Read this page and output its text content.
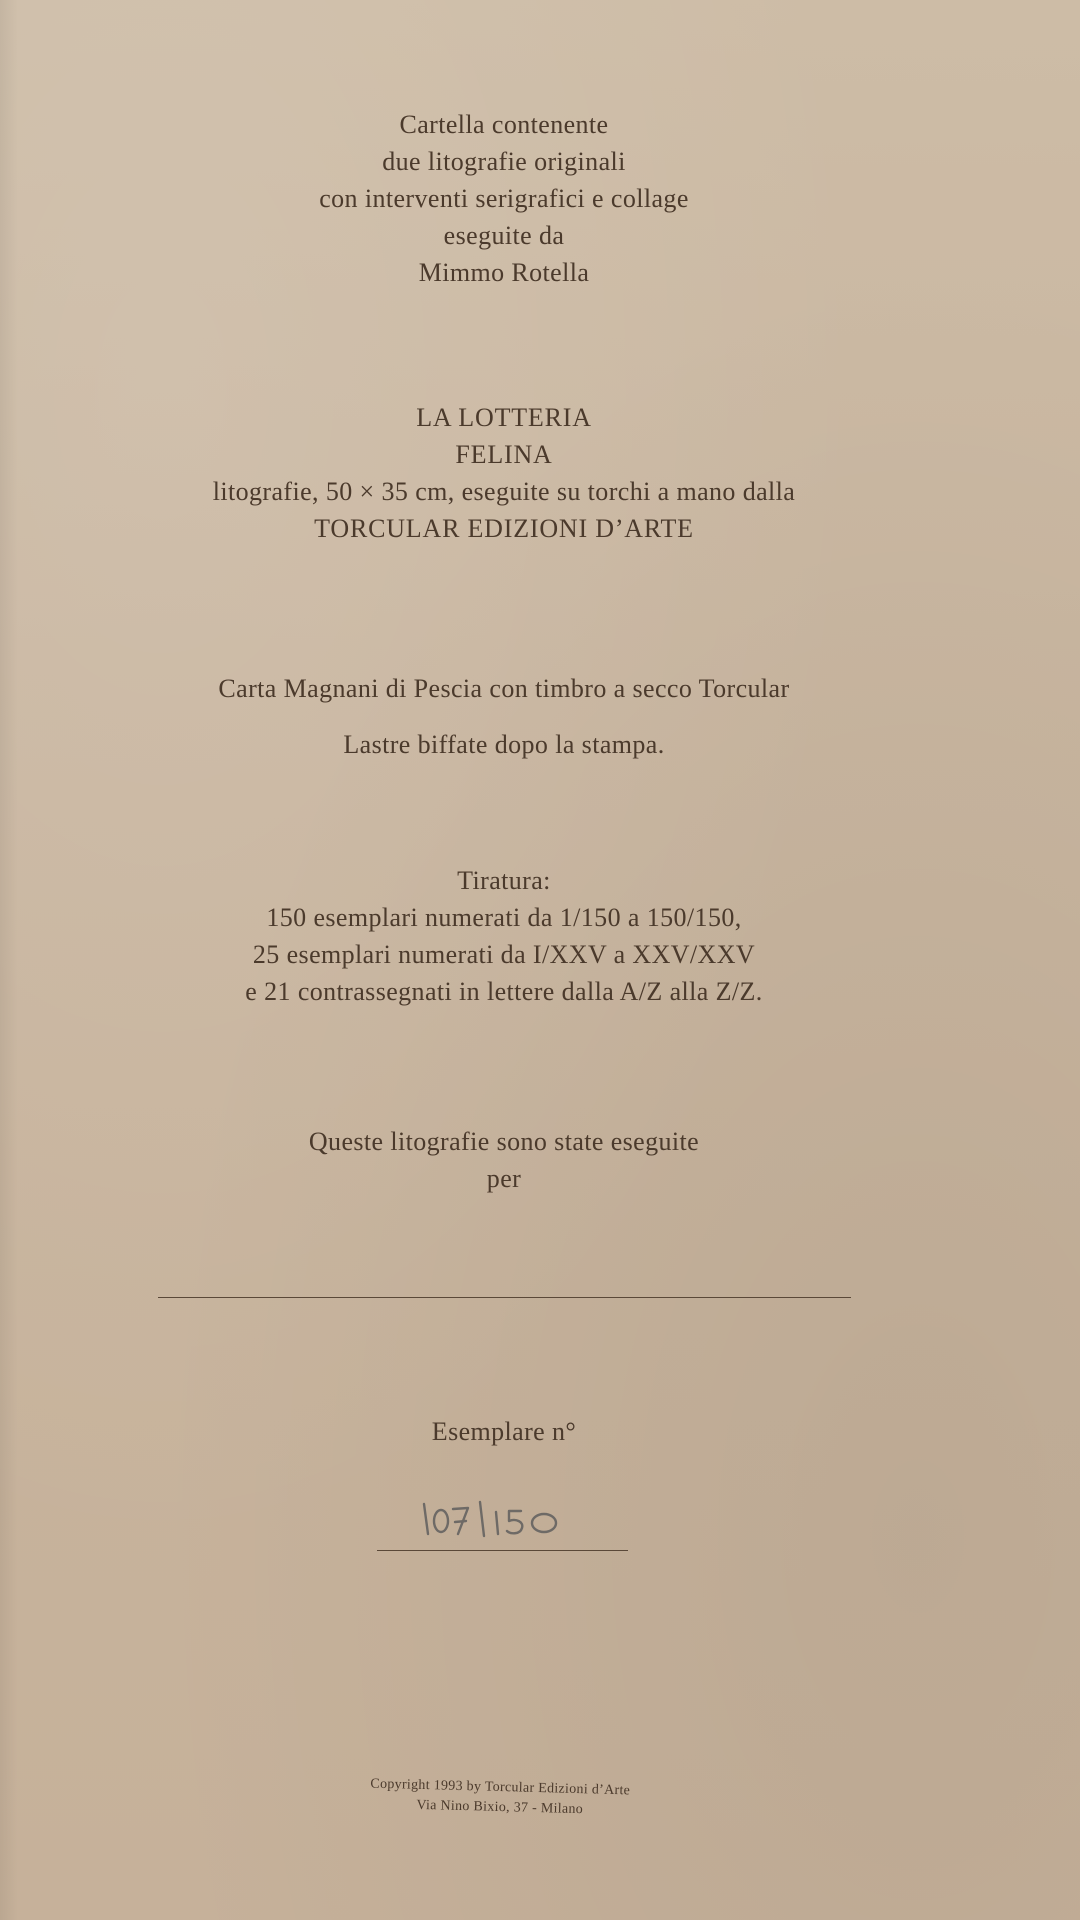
Cartella contenente
due litografie originali
con interventi serigrafici e collage
eseguite da
Mimmo Rotella
LA LOTTERIA
FELINA
litografie, 50 × 35 cm, eseguite su torchi a mano dalla
TORCULAR EDIZIONI D’ARTE
Carta Magnani di Pescia con timbro a secco Torcular
Lastre biffate dopo la stampa.
Tiratura:
150 esemplari numerati da 1/150 a 150/150,
25 esemplari numerati da I/XXV a XXV/XXV
e 21 contrassegnati in lettere dalla A/Z alla Z/Z.
Queste litografie sono state eseguite
per
Esemplare n°
Copyright 1993 by Torcular Edizioni d’Arte
Via Nino Bixio, 37 - Milano
